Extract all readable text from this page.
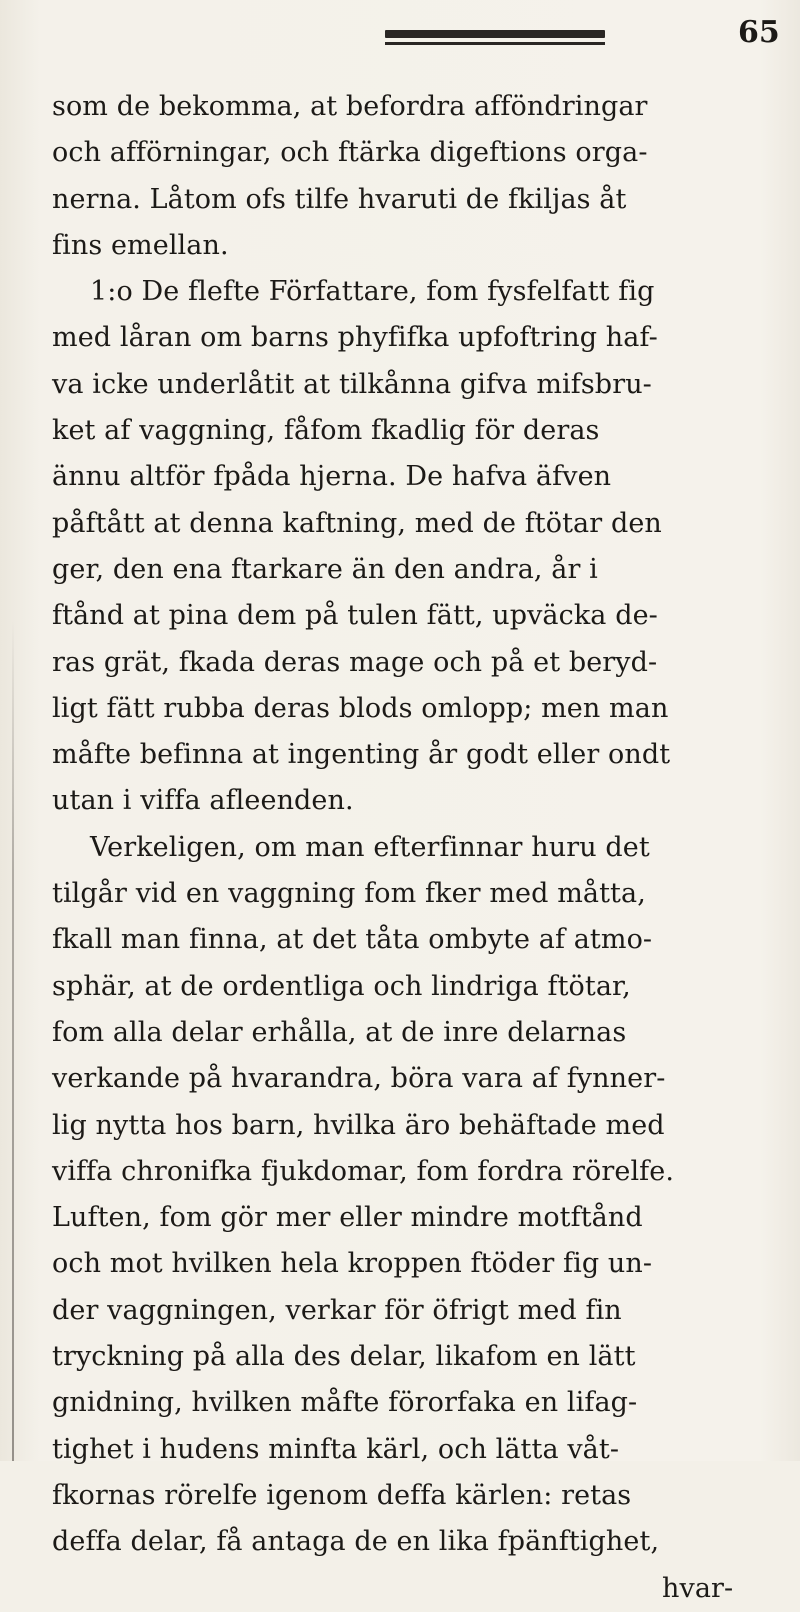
65
som de bekomma, at befordra afföndringar
och afförningar, och ftärka digeftions orga-
nerna. Låtom ofs tilfe hvaruti de fkiljas åt
fins emellan.
1:o De flefte Författare, fom fysfelfatt fig
med låran om barns phyfifka upfoftring haf-
va icke underlåtit at tilkånna gifva mifsbru-
ket af vaggning, fåfom fkadlig för deras
ännu altför fpåda hjerna. De hafva äfven
påftått at denna kaftning, med de ftötar den
ger, den ena ftarkare än den andra, år i
ftånd at pina dem på tulen fätt, upväcka de-
ras grät, fkada deras mage och på et beryd-
ligt fätt rubba deras blods omlopp; men man
måfte befinna at ingenting år godt eller ondt
utan i viffa afleenden.
Verkeligen, om man efterfinnar huru det
tilgår vid en vaggning fom fker med måtta,
fkall man finna, at det tåta ombyte af atmo-
sphär, at de ordentliga och lindriga ftötar,
fom alla delar erhålla, at de inre delarnas
verkande på hvarandra, böra vara af fynner-
lig nytta hos barn, hvilka äro behäftade med
viffa chronifka fjukdomar, fom fordra rörelfe.
Luften, fom gör mer eller mindre motftånd
och mot hvilken hela kroppen ftöder fig un-
der vaggningen, verkar för öfrigt med fin
tryckning på alla des delar, likafom en lätt
gnidning, hvilken måfte förorfaka en lifag-
tighet i hudens minfta kärl, och lätta våt-
fkornas rörelfe igenom deffa kärlen: retas
deffa delar, få antaga de en lika fpänftighet,
hvar-
